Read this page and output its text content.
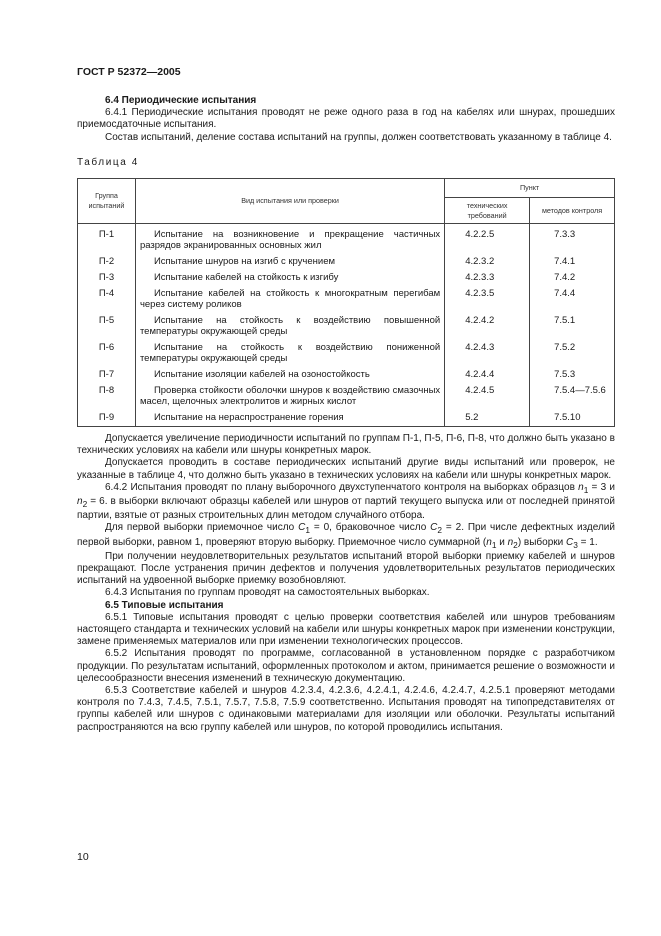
ГОСТ Р 52372—2005

6.4 Периодические испытания

6.4.1 Периодические испытания проводят не реже одного раза в год на кабелях или шнурах, прошедших приемосдаточные испытания.

Состав испытаний, деление состава испытаний на группы, должен соответствовать указанному в таблице 4.

Таблица 4

Группа испытаний	Вид испытания или проверки	Пункт	
		технических требований	методов контроля
П-1	Испытание на возникновение и прекращение частичных разрядов экранированных основных жил	4.2.2.5	7.3.3
П-2	Испытание шнуров на изгиб с кручением	4.2.3.2	7.4.1
П-3	Испытание кабелей на стойкость к изгибу	4.2.3.3	7.4.2
П-4	Испытание кабелей на стойкость к многократным перегибам через систему роликов	4.2.3.5	7.4.4
П-5	Испытание на стойкость к воздействию повышенной температуры окружающей среды	4.2.4.2	7.5.1
П-6	Испытание на стойкость к воздействию пониженной температуры окружающей среды	4.2.4.3	7.5.2
П-7	Испытание изоляции кабелей на озоностойкость	4.2.4.4	7.5.3
П-8	Проверка стойкости оболочки шнуров к воздействию смазочных масел, щелочных электролитов и жирных кислот	4.2.4.5	7.5.4—7.5.6
П-9	Испытание на нераспространение горения	5.2	7.5.10

Допускается увеличение периодичности испытаний по группам П-1, П-5, П-6, П-8, что должно быть указано в технических условиях на кабели или шнуры конкретных марок.

Допускается проводить в составе периодических испытаний другие виды испытаний или проверок, не указанные в таблице 4, что должно быть указано в технических условиях на кабели или шнуры конкретных марок.

6.4.2 Испытания проводят по плану выборочного двухступенчатого контроля на выборках образцов $n_1 = 3$ и $n_2 = 6$. в выборки включают образцы кабелей или шнуров от партий текущего выпуска или от последней принятой партии, взятые от разных строительных длин методом случайного отбора.

Для первой выборки приемочное число $C_1 = 0$, браковочное число $C_2 = 2$. При числе дефектных изделий первой выборки, равном 1, проверяют вторую выборку. Приемочное число суммарной ($n_1$ и $n_2$) выборки $C_3 = 1$.

При получении неудовлетворительных результатов испытаний второй выборки приемку кабелей и шнуров прекращают. После устранения причин дефектов и получения удовлетворительных результатов периодических испытаний на удвоенной выборке приемку возобновляют.

6.4.3 Испытания по группам проводят на самостоятельных выборках.

6.5 Типовые испытания

6.5.1 Типовые испытания проводят с целью проверки соответствия кабелей или шнуров требованиям настоящего стандарта и технических условий на кабели или шнуры конкретных марок при изменении конструкции, замене применяемых материалов или при изменении технологических процессов.

6.5.2 Испытания проводят по программе, согласованной в установленном порядке с разработчиком продукции. По результатам испытаний, оформленных протоколом и актом, принимается решение о возможности и целесообразности внесения изменений в техническую документацию.

6.5.3 Соответствие кабелей и шнуров 4.2.3.4, 4.2.3.6, 4.2.4.1, 4.2.4.6, 4.2.4.7, 4.2.5.1 проверяют методами контроля по 7.4.3, 7.4.5, 7.5.1, 7.5.7, 7.5.8, 7.5.9 соответственно. Испытания проводят на типопредставителях от группы кабелей или шнуров с одинаковыми материалами для изоляции или оболочки. Результаты испытаний распространяются на всю группу кабелей или шнуров, по которой проводились испытания.

10
